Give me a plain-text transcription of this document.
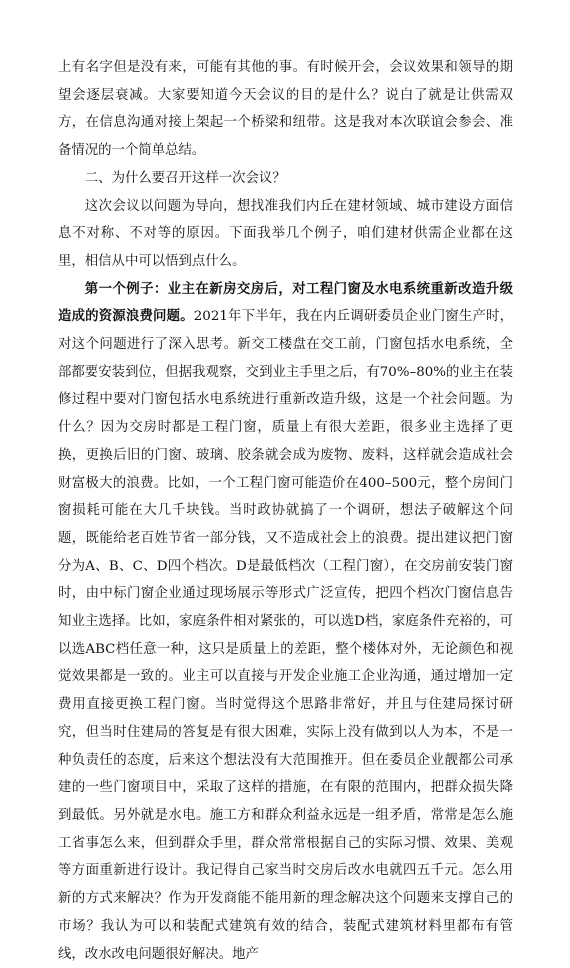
上有名字但是没有来，可能有其他的事。有时候开会，会议效果和领导的期望会逐层衰减。大家要知道今天会议的目的是什么？说白了就是让供需双方，在信息沟通对接上架起一个桥梁和纽带。这是我对本次联谊会参会、准备情况的一个简单总结。

二、为什么要召开这样一次会议？

这次会议以问题为导向，想找准我们内丘在建材领域、城市建设方面信息不对称、不对等的原因。下面我举几个例子，咱们建材供需企业都在这里，相信从中可以悟到点什么。

第一个例子：业主在新房交房后，对工程门窗及水电系统重新改造升级造成的资源浪费问题。2021年下半年，我在内丘调研委员企业门窗生产时，对这个问题进行了深入思考。新交工楼盘在交工前，门窗包括水电系统，全部都要安装到位，但据我观察，交到业主手里之后，有70%–80%的业主在装修过程中要对门窗包括水电系统进行重新改造升级，这是一个社会问题。为什么？因为交房时都是工程门窗，质量上有很大差距，很多业主选择了更换，更换后旧的门窗、玻璃、胶条就会成为废物、废料，这样就会造成社会财富极大的浪费。比如，一个工程门窗可能造价在400–500元，整个房间门窗损耗可能在大几千块钱。当时政协就搞了一个调研，想法子破解这个问题，既能给老百姓节省一部分钱，又不造成社会上的浪费。提出建议把门窗分为A、B、C、D四个档次。D是最低档次（工程门窗），在交房前安装门窗时，由中标门窗企业通过现场展示等形式广泛宣传，把四个档次门窗信息告知业主选择。比如，家庭条件相对紧张的，可以选D档，家庭条件充裕的，可以选ABC档任意一种，这只是质量上的差距，整个楼体对外，无论颜色和视觉效果都是一致的。业主可以直接与开发企业施工企业沟通，通过增加一定费用直接更换工程门窗。当时觉得这个思路非常好，并且与住建局探讨研究，但当时住建局的答复是有很大困难，实际上没有做到以人为本，不是一种负责任的态度，后来这个想法没有大范围推开。但在委员企业靓都公司承建的一些门窗项目中，采取了这样的措施，在有限的范围内，把群众损失降到最低。另外就是水电。施工方和群众利益永远是一组矛盾，常常是怎么施工省事怎么来，但到群众手里，群众常常根据自己的实际习惯、效果、美观等方面重新进行设计。我记得自己家当时交房后改水电就四五千元。怎么用新的方式来解决？作为开发商能不能用新的理念解决这个问题来支撑自己的市场？我认为可以和装配式建筑有效的结合，装配式建筑材料里都布有管线，改水改电问题很好解决。地产
